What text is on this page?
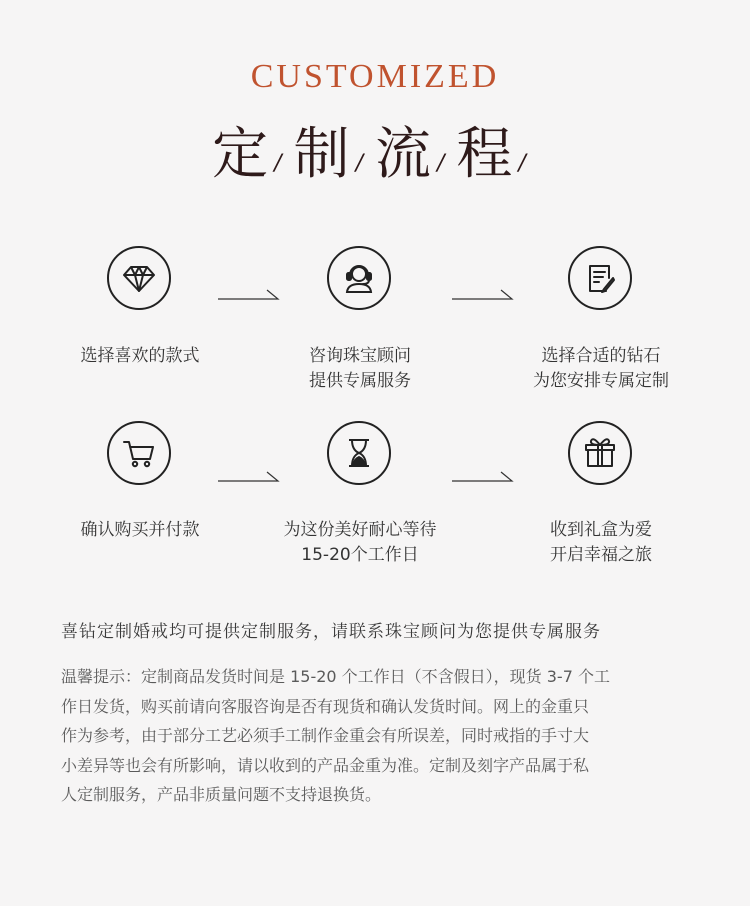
CUSTOMIZED
定 / 制 / 流 / 程 /
选择喜欢的款式	咨询珠宝顾问
提供专属服务
选择合适的钻石
为您安排专属定制
确认购买并付款	为这份美好耐心等待
15-20个工作日
收到礼盒为爱
开启幸福之旅
喜钻定制婚戒均可提供定制服务，请联系珠宝顾问为您提供专属服务
温馨提示：定制商品发货时间是 15-20 个工作日（不含假日），现货 3-7 个工
作日发货，购买前请向客服咨询是否有现货和确认发货时间。网上的金重只
作为参考，由于部分工艺必须手工制作金重会有所误差，同时戒指的手寸大
小差异等也会有所影响，请以收到的产品金重为准。定制及刻字产品属于私
人定制服务，产品非质量问题不支持退换货。
